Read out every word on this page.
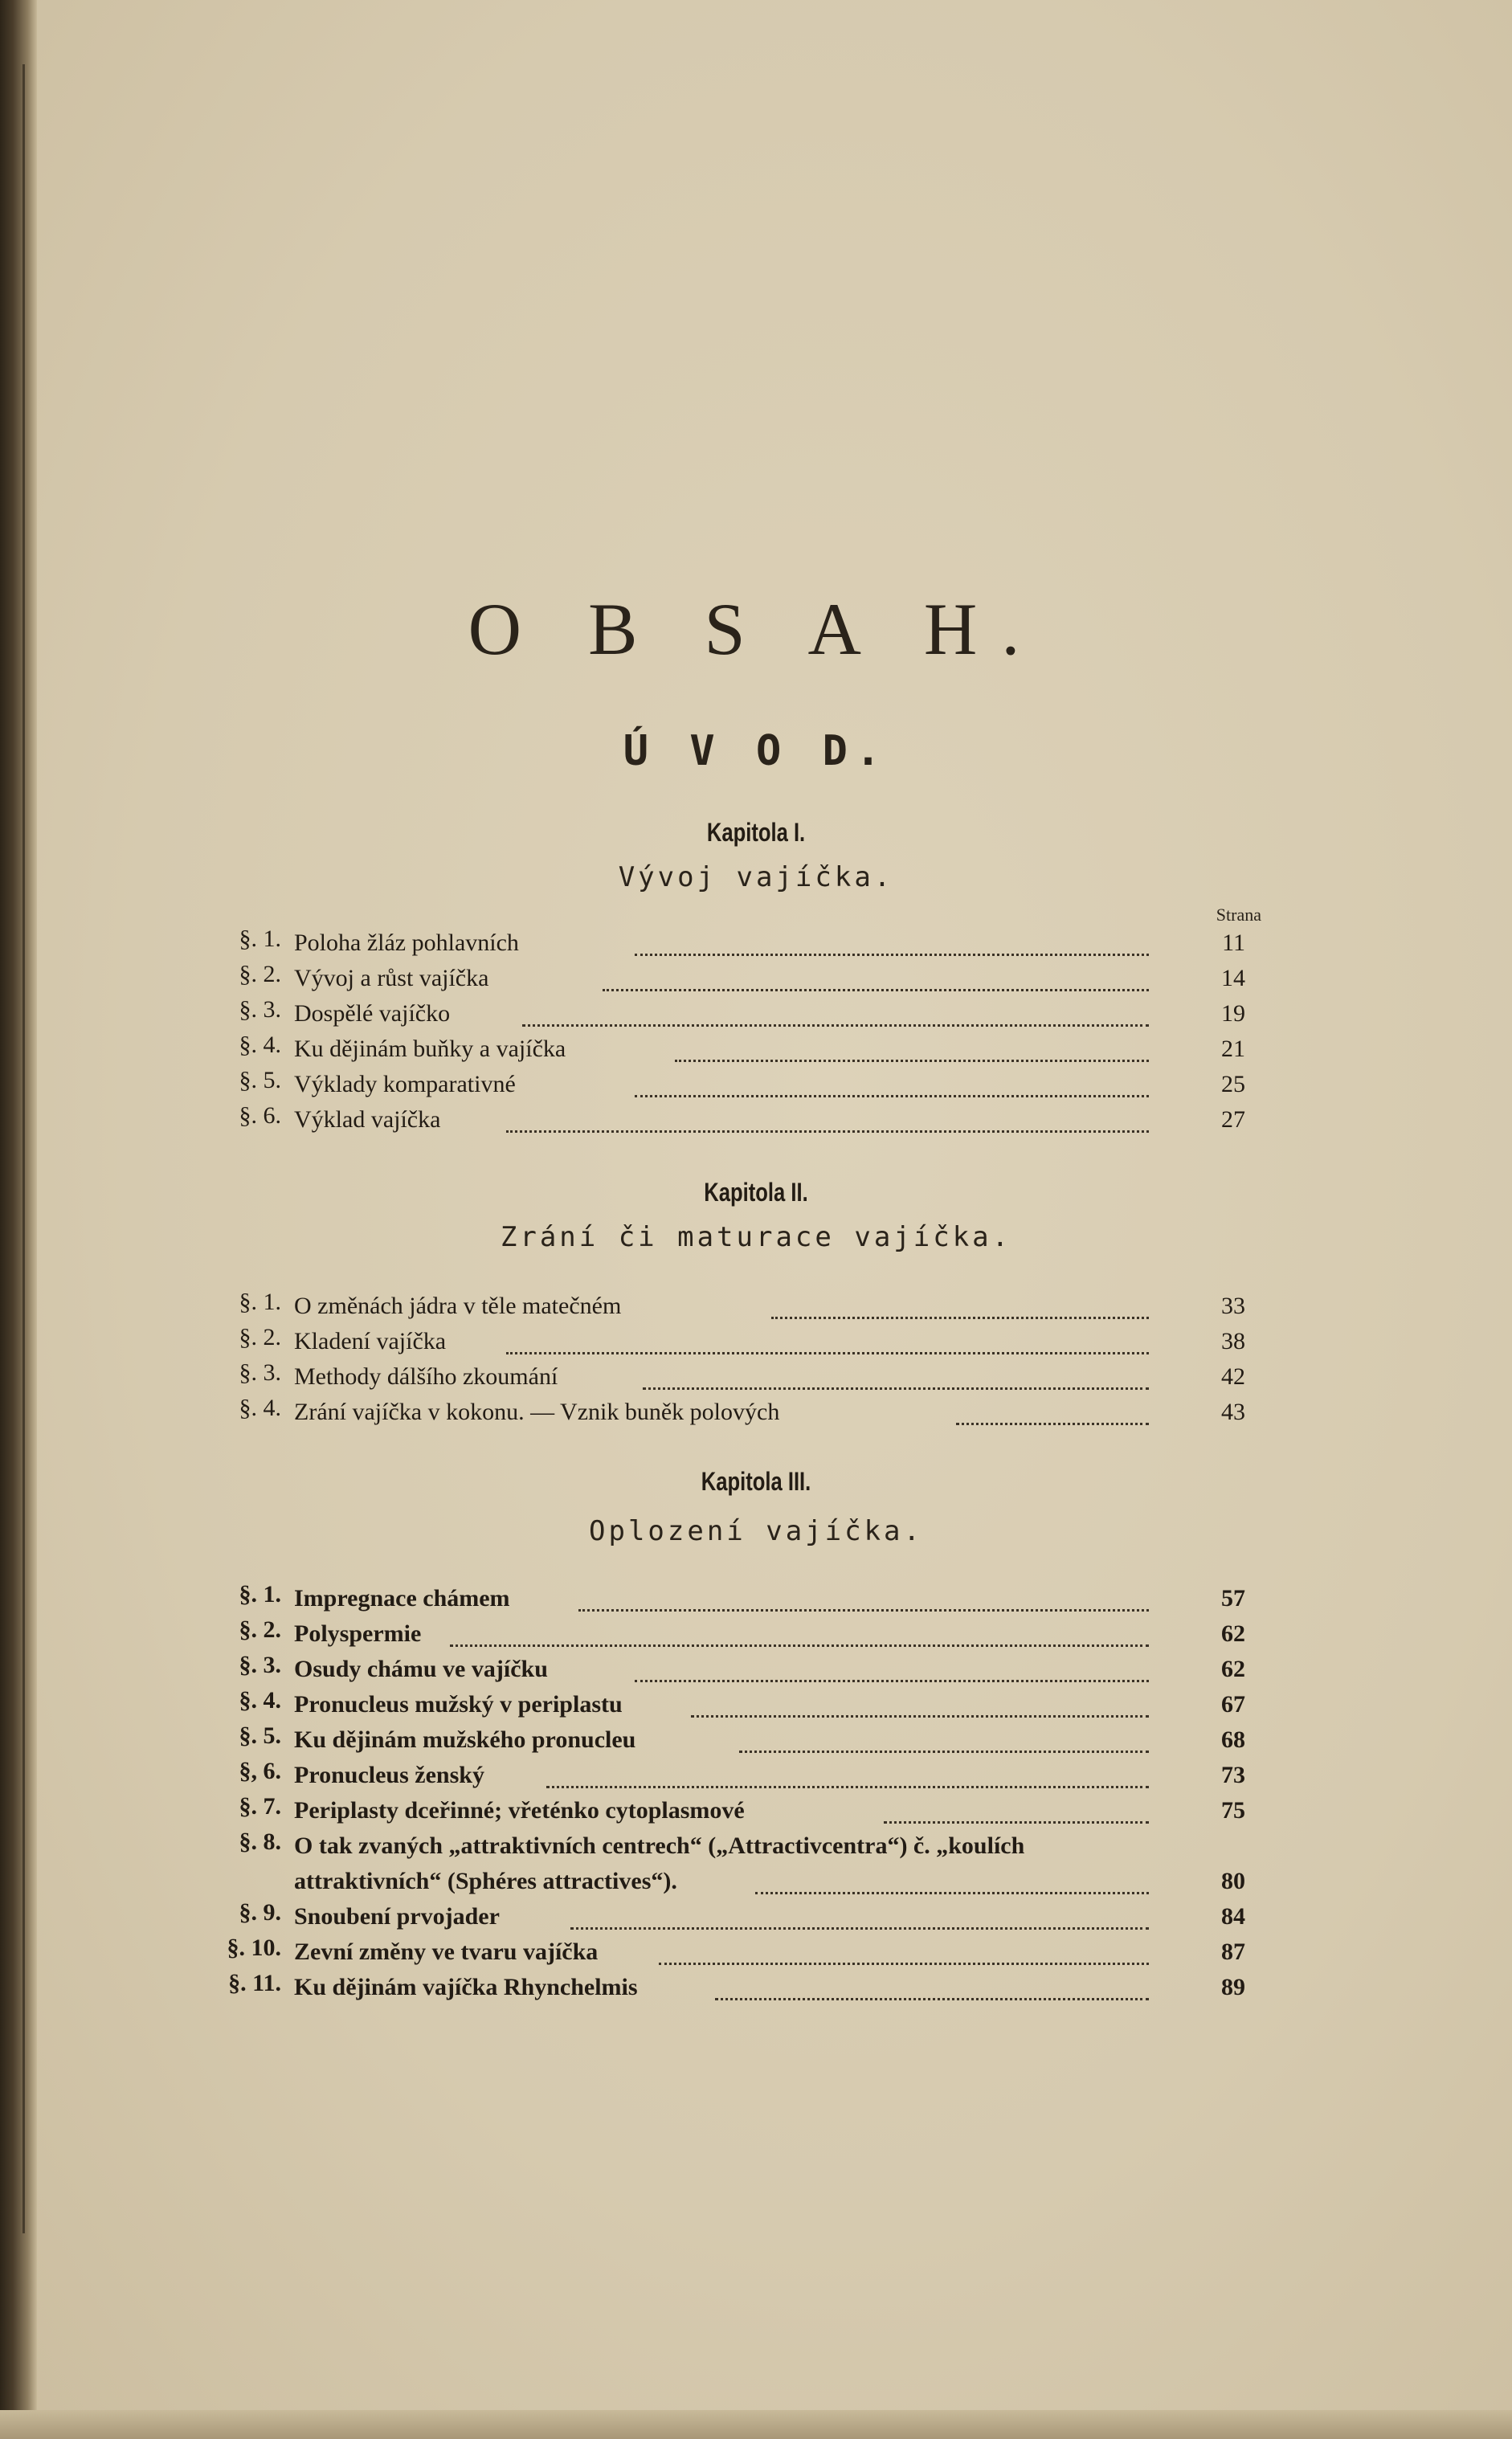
O B S A H.
Ú V O D.
Kapitola I.
Vývoj vajíčka.
Strana
§. 1. Poloha žláz pohlavních	11
§. 2. Vývoj a růst vajíčka	14
§. 3. Dospělé vajíčko	19
§. 4. Ku dějinám buňky a vajíčka	21
§. 5. Výklady komparativné	25
§. 6. Výklad vajíčka	27
Kapitola II.
Zrání či maturace vajíčka.
§. 1. O změnách jádra v těle matečném	33
§. 2. Kladení vajíčka	38
§. 3. Methody dálšího zkoumání	42
§. 4. Zrání vajíčka v kokonu. — Vznik buněk polových	43
Kapitola III.
Oplození vajíčka.
§. 1. Impregnace chámem	57
§. 2. Polyspermie	62
§. 3. Osudy chámu ve vajíčku	62
§. 4. Pronucleus mužský v periplastu	67
§. 5. Ku dějinám mužského pronucleu	68
§, 6. Pronucleus ženský	73
§. 7. Periplasty dceřinné; vřeténko cytoplasmové	75
§. 8. O tak zvaných „attraktivních centrech“ („Attractivcentra“) č. „koulích
attraktivních“ (Sphéres attractives“).	80
§. 9. Snoubení prvojader	84
§. 10. Zevní změny ve tvaru vajíčka	87
§. 11. Ku dějinám vajíčka Rhynchelmis	89
